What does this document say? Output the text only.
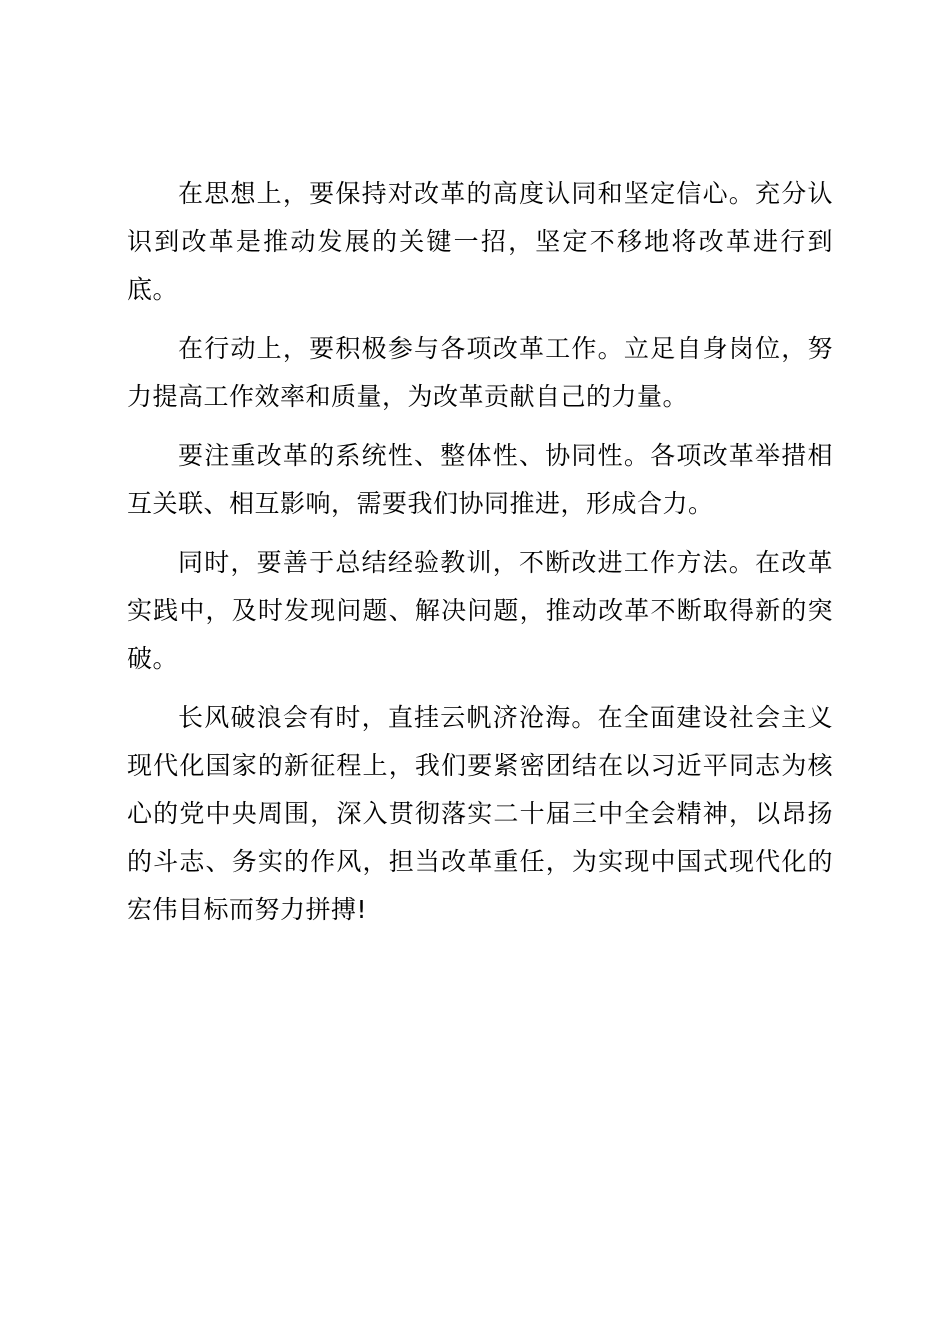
在思想上，要保持对改革的高度认同和坚定信心。充分认识到改革是推动发展的关键一招，坚定不移地将改革进行到底。

在行动上，要积极参与各项改革工作。立足自身岗位，努力提高工作效率和质量，为改革贡献自己的力量。

要注重改革的系统性、整体性、协同性。各项改革举措相互关联、相互影响，需要我们协同推进，形成合力。

同时，要善于总结经验教训，不断改进工作方法。在改革实践中，及时发现问题、解决问题，推动改革不断取得新的突破。

长风破浪会有时，直挂云帆济沧海。在全面建设社会主义现代化国家的新征程上，我们要紧密团结在以习近平同志为核心的党中央周围，深入贯彻落实二十届三中全会精神，以昂扬的斗志、务实的作风，担当改革重任，为实现中国式现代化的宏伟目标而努力拼搏!
